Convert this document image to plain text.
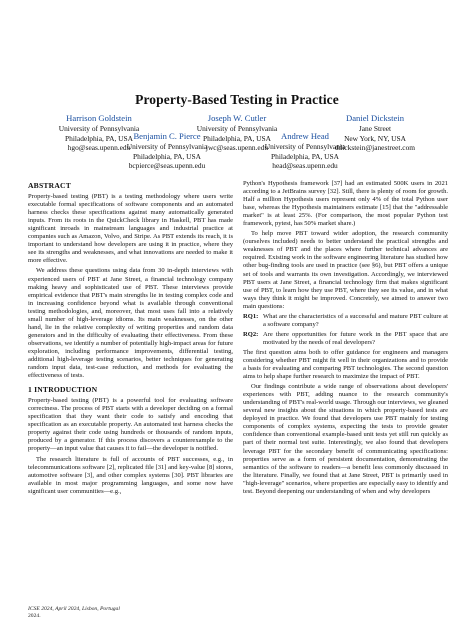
Property-Based Testing in Practice
Harrison Goldstein
University of Pennsylvania
Philadelphia, PA, USA
hgo@seas.upenn.edu
Joseph W. Cutler
University of Pennsylvania
Philadelphia, PA, USA
jwc@seas.upenn.edu
Daniel Dickstein
Jane Street
New York, NY, USA
ddickstein@janestreet.com
Benjamin C. Pierce
University of Pennsylvania
Philadelphia, PA, USA
bcpierce@seas.upenn.edu
Andrew Head
University of Pennsylvania
Philadelphia, PA, USA
head@seas.upenn.edu
ABSTRACT

Property-based testing (PBT) is a testing methodology where users write executable formal specifications of software components and an automated harness checks these specifications against many automatically generated inputs. From its roots in the QuickCheck library in Haskell, PBT has made significant inroads in mainstream languages and industrial practice at companies such as Amazon, Volvo, and Stripe. As PBT extends its reach, it is important to understand how developers are using it in practice, where they see its strengths and weaknesses, and what innovations are needed to make it more effective.

We address these questions using data from 30 in-depth interviews with experienced users of PBT at Jane Street, a financial technology company making heavy and sophisticated use of PBT. These interviews provide empirical evidence that PBT's main strengths lie in testing complex code and in increasing confidence beyond what is available through conventional testing methodologies, and, moreover, that most uses fall into a relatively small number of high-leverage idioms. Its main weaknesses, on the other hand, lie in the relative complexity of writing properties and random data generators and in the difficulty of evaluating their effectiveness. From these observations, we identify a number of potentially high-impact areas for future exploration, including performance improvements, differential testing, additional high-leverage testing scenarios, better techniques for generating random input data, test-case reduction, and methods for evaluating the effectiveness of tests.

1 INTRODUCTION

Property-based testing (PBT) is a powerful tool for evaluating software correctness. The process of PBT starts with a developer deciding on a formal specification that they want their code to satisfy and encoding that specification as an executable property. An automated test harness checks the property against their code using hundreds or thousands of random inputs, produced by a generator. If this process discovers a counterexample to the property—an input value that causes it to fail—the developer is notified.

The research literature is full of accounts of PBT successes, e.g., in telecommunications software [2], replicated file [31] and key-value [8] stores, automotive software [3], and other complex systems [30]. PBT libraries are available in most major programming languages, and some now have significant user communities—e.g.,

Python's Hypothesis framework [37] had an estimated 500K users in 2021 according to a JetBrains survey [32]. Still, there is plenty of room for growth. Half a million Hypothesis users represent only 4% of the total Python user base, whereas the Hypothesis maintainers estimate [15] that the "addressable market" is at least 25%. (For comparison, the most popular Python test framework, pytest, has 50% market share.)

To help move PBT toward wider adoption, the research community (ourselves included) needs to better understand the practical strengths and weaknesses of PBT and the places where further technical advances are required. Existing work in the software engineering literature has studied how other bug-finding tools are used in practice (see §6), but PBT offers a unique set of tools and warrants its own investigation. Accordingly, we interviewed PBT users at Jane Street, a financial technology firm that makes significant use of PBT, to learn how they use PBT, where they see its value, and in what ways they think it might be improved. Concretely, we aimed to answer two main questions:

RQ1: What are the characteristics of a successful and mature PBT culture at a software company?
RQ2: Are there opportunities for future work in the PBT space that are motivated by the needs of real developers?

The first question aims both to offer guidance for engineers and managers considering whether PBT might fit well in their organizations and to provide a basis for evaluating and comparing PBT technologies. The second question aims to help shape further research to maximize the impact of PBT.

Our findings contribute a wide range of observations about developers' experiences with PBT, adding nuance to the research community's understanding of PBT's real-world usage. Through our interviews, we gleaned several new insights about the situations in which property-based tests are deployed in practice. We found that developers use PBT mainly for testing components of complex systems, expecting the tests to provide greater confidence than conventional example-based unit tests yet still run quickly as part of their normal test suite. Interestingly, we also found that developers leverage PBT for the secondary benefit of communicating specifications: properties serve as a form of persistent documentation, demonstrating the semantics of the software to readers—a benefit less commonly discussed in the literature. Finally, we found that at Jane Street, PBT is primarily used in "high-leverage" scenarios, where properties are especially easy to identify and test. Beyond deepening our understanding of when and why developers

ICSE 2024, April 2024, Lisbon, Portugal
2024.
